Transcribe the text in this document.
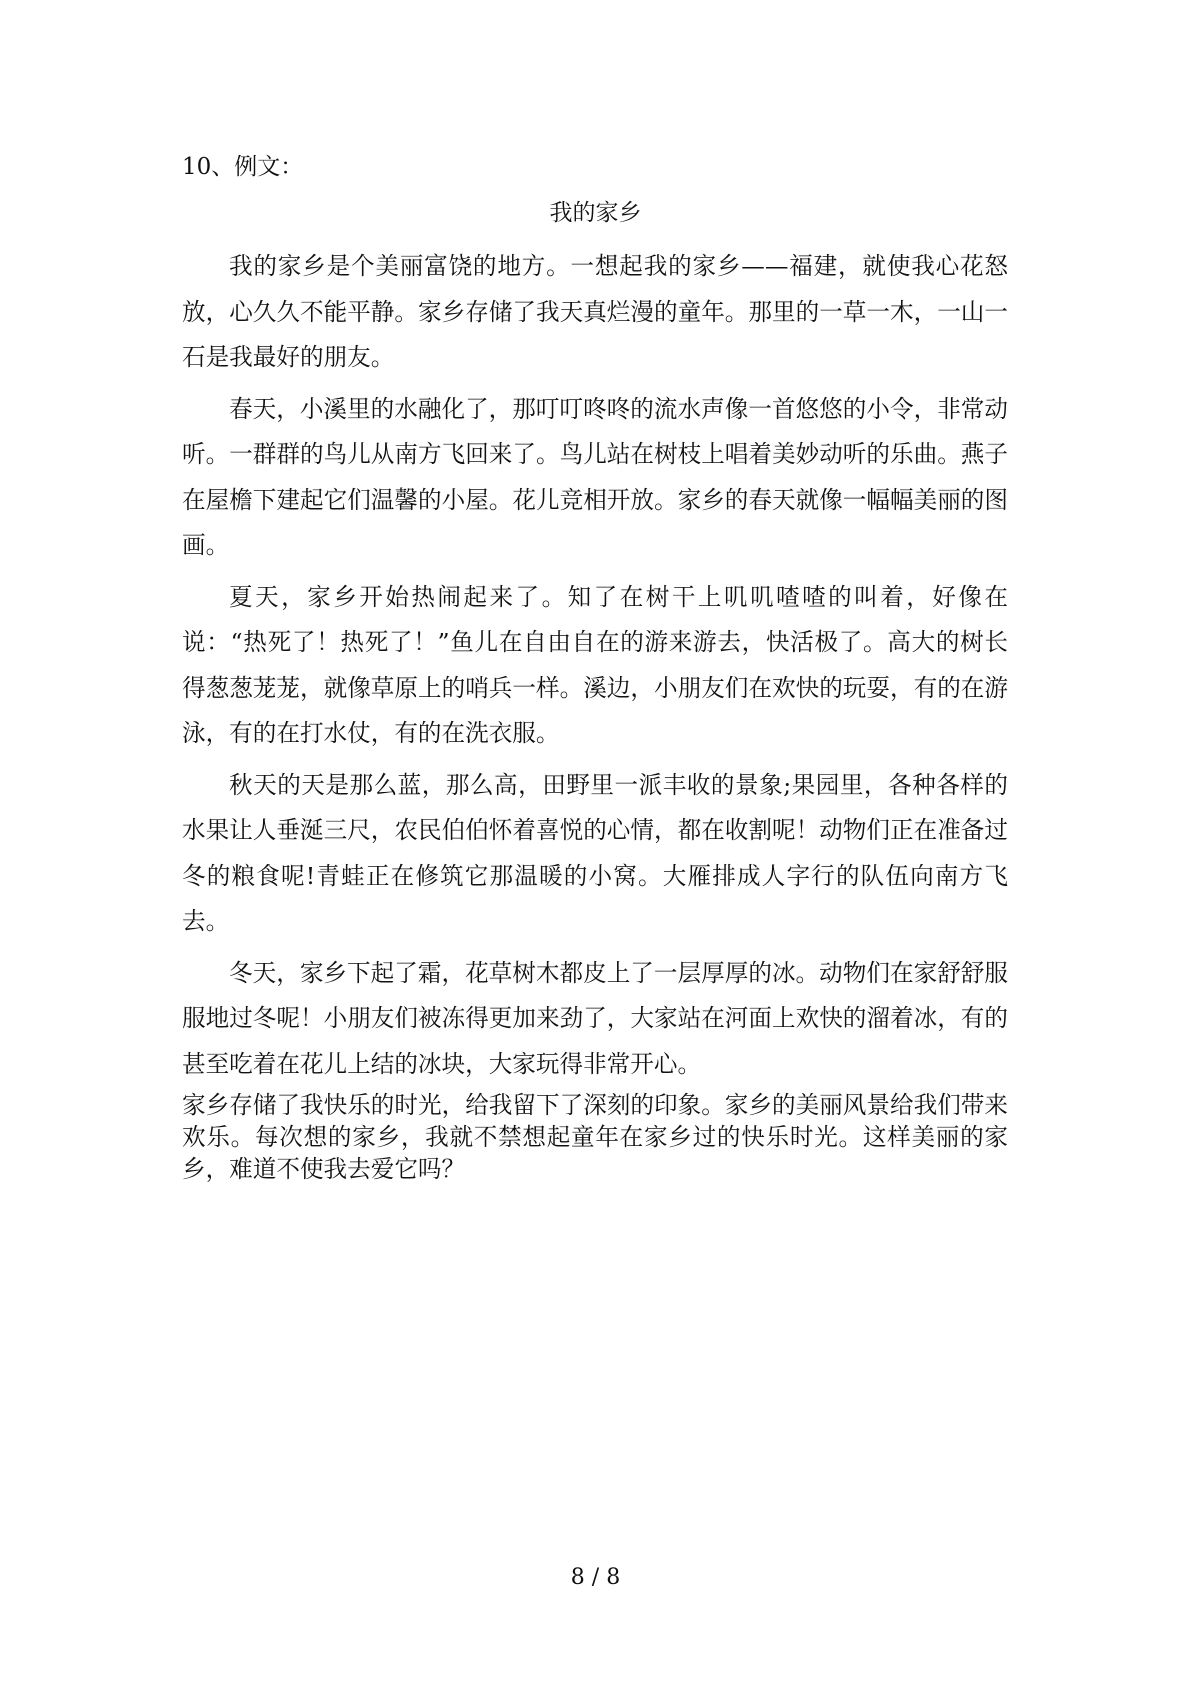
10、例文：

我的家乡

我的家乡是个美丽富饶的地方。一想起我的家乡——福建，就使我心花怒放，心久久不能平静。家乡存储了我天真烂漫的童年。那里的一草一木，一山一石是我最好的朋友。

春天，小溪里的水融化了，那叮叮咚咚的流水声像一首悠悠的小令，非常动听。一群群的鸟儿从南方飞回来了。鸟儿站在树枝上唱着美妙动听的乐曲。燕子在屋檐下建起它们温馨的小屋。花儿竞相开放。家乡的春天就像一幅幅美丽的图画。

夏天，家乡开始热闹起来了。知了在树干上叽叽喳喳的叫着，好像在说：“热死了！热死了！”鱼儿在自由自在的游来游去，快活极了。高大的树长得葱葱茏茏，就像草原上的哨兵一样。溪边，小朋友们在欢快的玩耍，有的在游泳，有的在打水仗，有的在洗衣服。

秋天的天是那么蓝，那么高，田野里一派丰收的景象;果园里，各种各样的水果让人垂涎三尺，农民伯伯怀着喜悦的心情，都在收割呢！动物们正在准备过冬的粮食呢!青蛙正在修筑它那温暖的小窝。大雁排成人字行的队伍向南方飞去。

冬天，家乡下起了霜，花草树木都皮上了一层厚厚的冰。动物们在家舒舒服服地过冬呢！小朋友们被冻得更加来劲了，大家站在河面上欢快的溜着冰，有的甚至吃着在花儿上结的冰块，大家玩得非常开心。

家乡存储了我快乐的时光，给我留下了深刻的印象。家乡的美丽风景给我们带来欢乐。每次想的家乡，我就不禁想起童年在家乡过的快乐时光。这样美丽的家乡，难道不使我去爱它吗？

8 / 8
